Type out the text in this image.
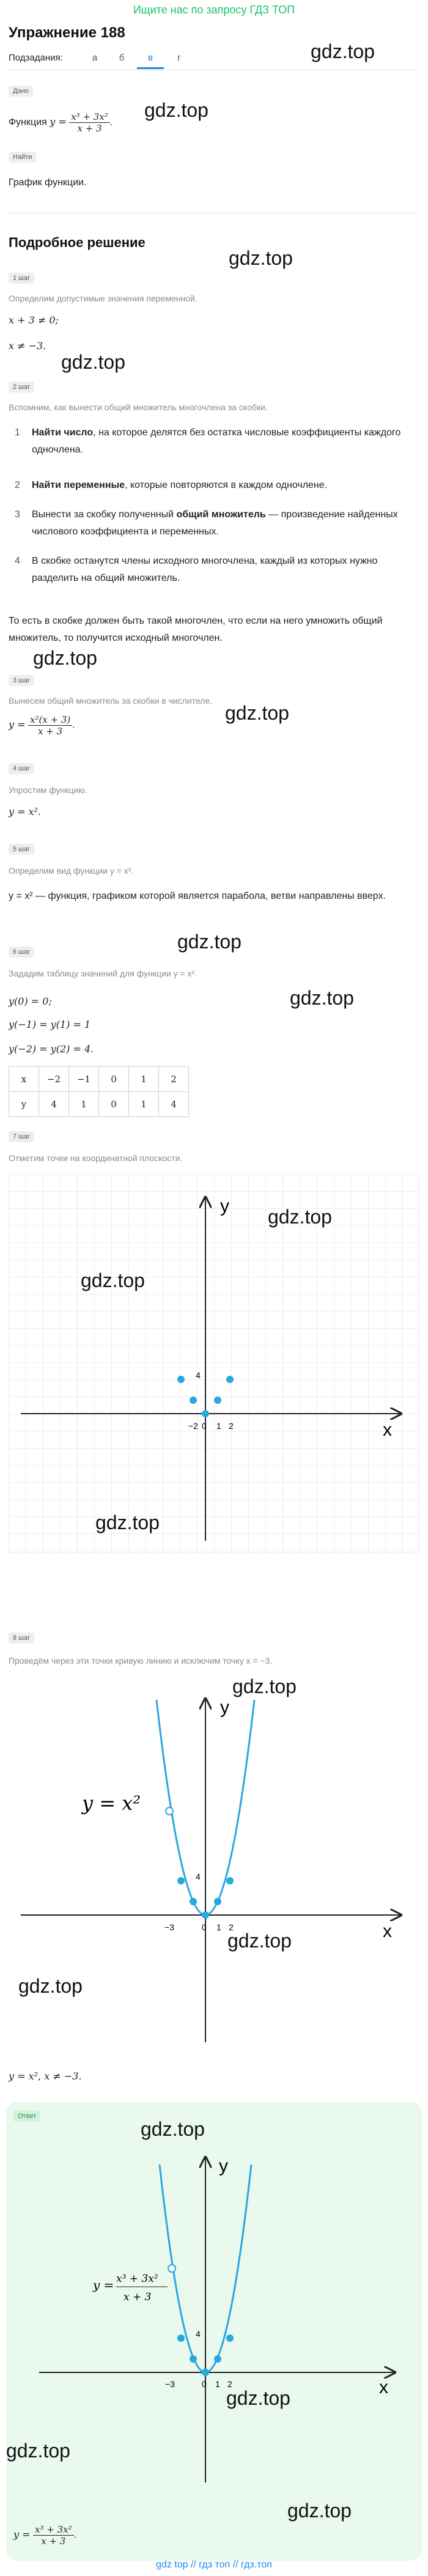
Ищите нас по запросу ГДЗ ТОП
Упражнение 188
Подзадания:	а	б	в	г
Дано
Функция $y = \frac{\text{x³ + 3x²}}{x + 3}$ .
gdz.top
gdz.top
Найти
График функции.
Подробное решение
gdz.top
1 шаг
Определим допустимые значения переменной.
x + 3 ≠ 0;
x ≠ −3.
gdz.top
2 шаг
Вспомним, как вынести общий множитель многочлена за скобки.
1 Найти число, на которое делятся без остатка числовые коэффициенты каждого одночлена.
2 Найти переменные, которые повторяются в каждом одночлене.
3 Вынести за скобку полученный общий множитель — произведение найденных числового коэффициента и переменных.
4 В скобке останутся члены исходного многочлена, каждый из которых нужно разделить на общий множитель.
То есть в скобке должен быть такой многочлен, что если на него умножить общий множитель, то получится исходный многочлен.
gdz.top
3 шаг
Вынесем общий множитель за скобки в числителе.
gdz.top
$y = \frac{\text{x²(x + 3)}}{x + 3}$ .
4 шаг
Упростим функцию.
y = x².
5 шаг
Определим вид функции y = x².
y = x² — функция, графиком которой является парабола, ветви направлены вверх.
gdz.top
6 шаг
Зададим таблицу значений для функции y = x².
gdz.top
y(0) = 0;
y(−1) = y(1) = 1
y(−2) = y(2) = 4.
x	−2	−1	0	1	2
y	4	1	0	1	4
7 шаг
Отметим точки на координатной плоскости.
y
x
−2 0 1 2
4
gdz.top
gdz.top
gdz.top
8 шаг
Проведём через эти точки кривую линию и исключим точку x = −3.
y
x
y = x²
−3	0 1 2
4
gdz.top
gdz.top
gdz.top
y = x², x ≠ −3.
Ответ
gdz.top
y
x
y = x³ + 3x²
x + 3
−3	0 1 2
4
gdz.top
gdz.top
gdz.top
$y = \frac{\text{x³ + 3x²}}{x + 3}$ .
gdz top // гдз топ // гдз.топ
